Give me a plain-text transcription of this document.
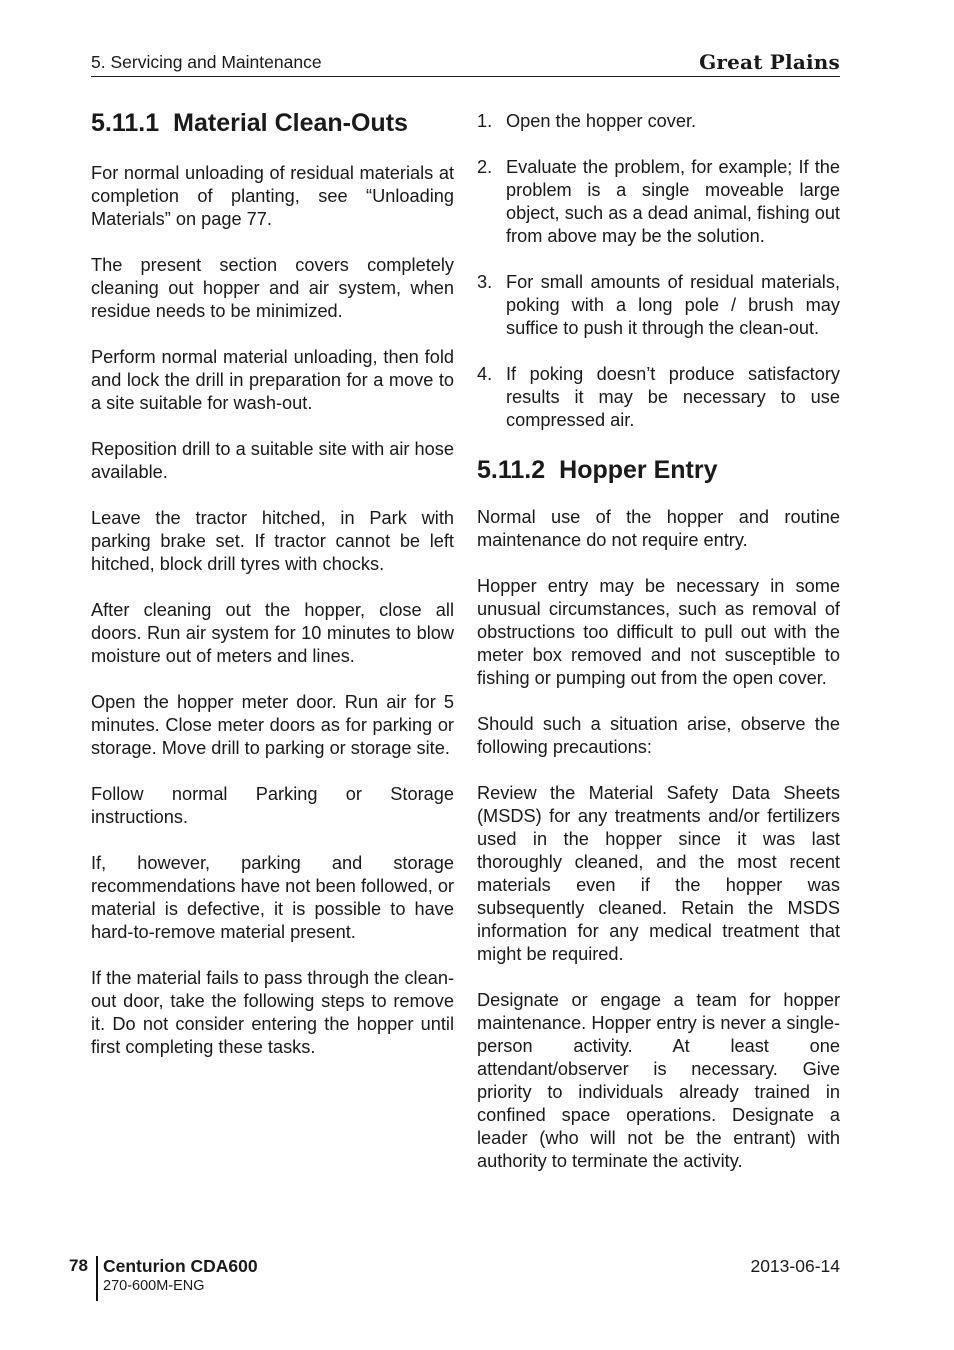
5. Servicing and Maintenance	Great Plains
5.11.1 Material Clean-Outs

For normal unloading of residual materials at completion of planting, see “Unloading Materials” on page 77.

The present section covers completely cleaning out hopper and air system, when residue needs to be minimized.

Perform normal material unloading, then fold and lock the drill in preparation for a move to a site suitable for wash-out.

Reposition drill to a suitable site with air hose available.

Leave the tractor hitched, in Park with parking brake set. If tractor cannot be left hitched, block drill tyres with chocks.

After cleaning out the hopper, close all doors. Run air system for 10 minutes to blow moisture out of meters and lines.

Open the hopper meter door. Run air for 5 minutes. Close meter doors as for parking or storage. Move drill to parking or storage site.

Follow normal Parking or Storage instructions.

If, however, parking and storage recommendations have not been followed, or material is defective, it is possible to have hard-to-remove material present.

If the material fails to pass through the clean-out door, take the following steps to remove it. Do not consider entering the hopper until first completing these tasks.

1. Open the hopper cover.
2. Evaluate the problem, for example; If the problem is a single moveable large object, such as a dead animal, fishing out from above may be the solution.
3. For small amounts of residual materials, poking with a long pole / brush may suffice to push it through the clean-out.
4. If poking doesn’t produce satisfactory results it may be necessary to use compressed air.
5.11.2 Hopper Entry

Normal use of the hopper and routine maintenance do not require entry.

Hopper entry may be necessary in some unusual circumstances, such as removal of obstructions too difficult to pull out with the meter box removed and not susceptible to fishing or pumping out from the open cover.

Should such a situation arise, observe the following precautions:

Review the Material Safety Data Sheets (MSDS) for any treatments and/or fertilizers used in the hopper since it was last thoroughly cleaned, and the most recent materials even if the hopper was subsequently cleaned. Retain the MSDS information for any medical treatment that might be required.

Designate or engage a team for hopper maintenance. Hopper entry is never a single-person activity. At least one attendant/observer is necessary. Give priority to individuals already trained in confined space operations. Designate a leader (who will not be the entrant) with authority to terminate the activity.

78 Centurion CDA600
270-600M-ENG
2013-06-14
